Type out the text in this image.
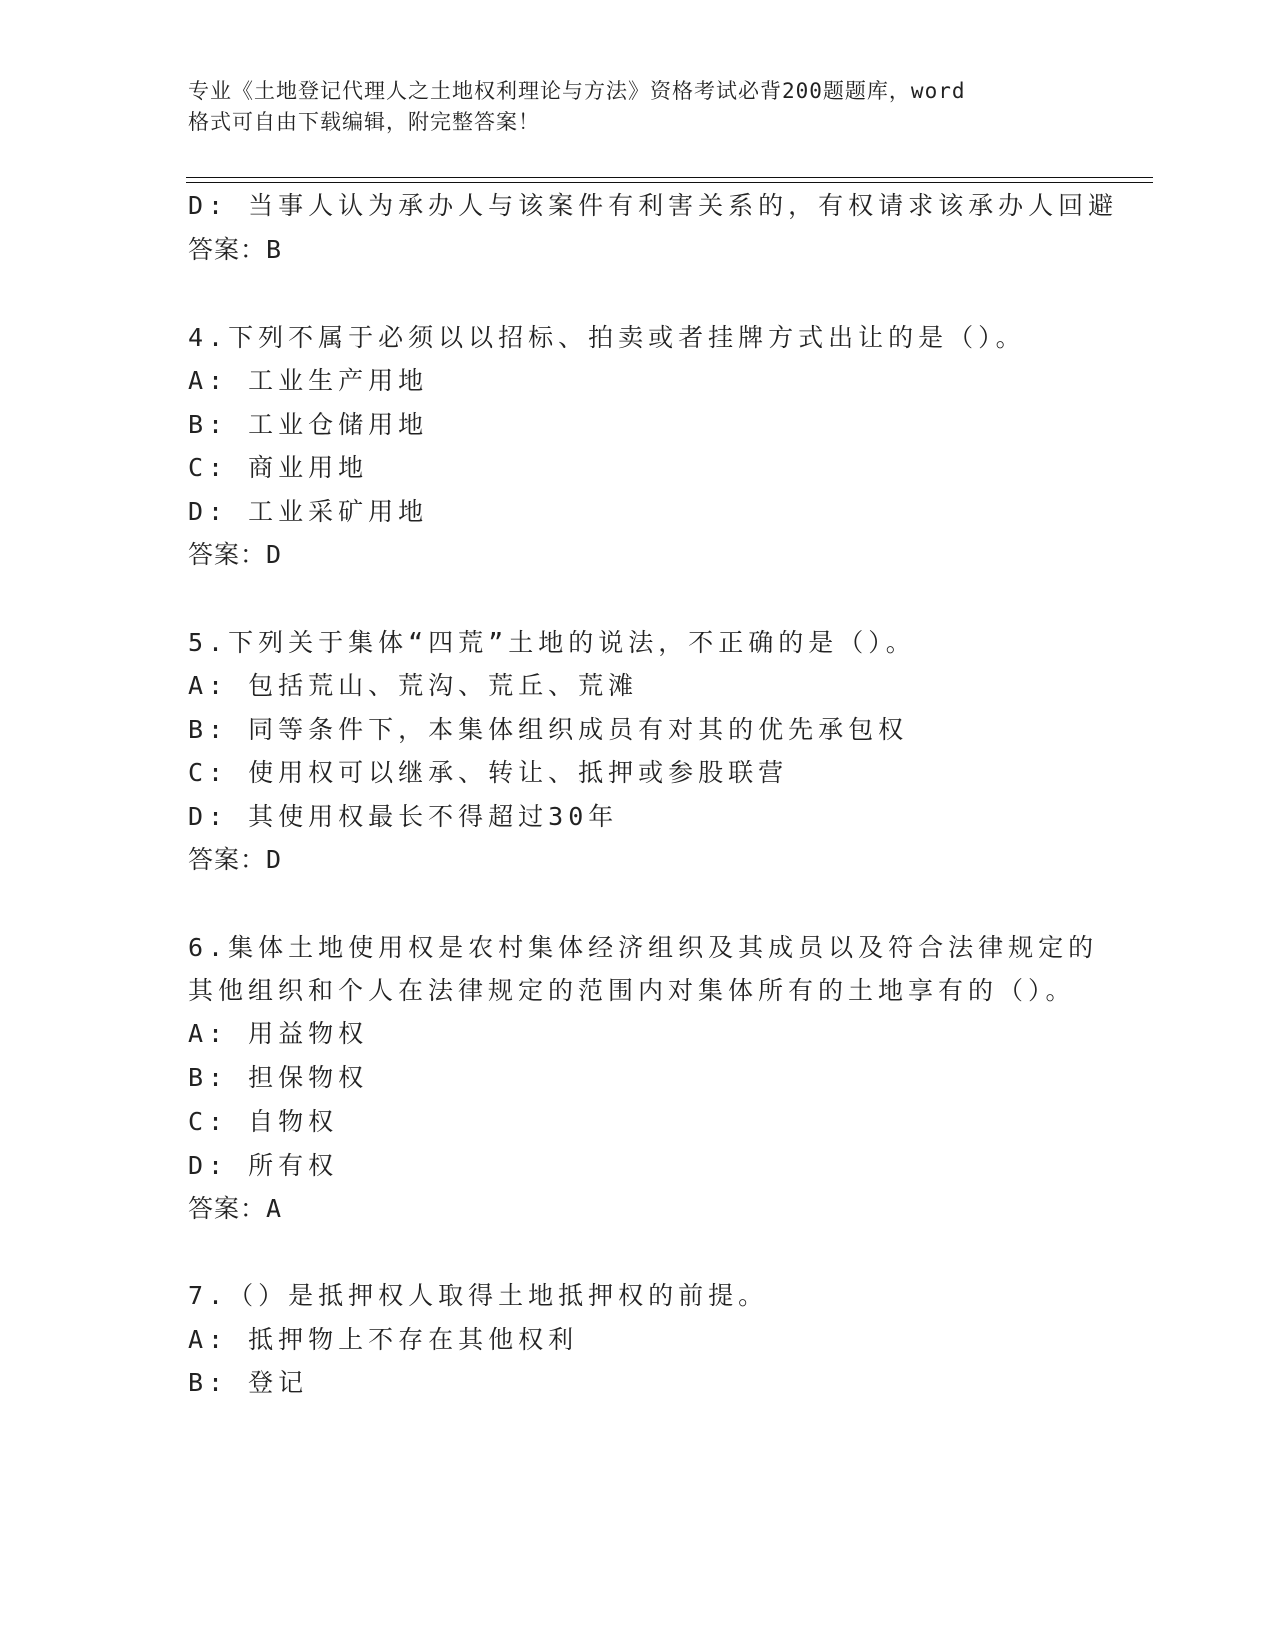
专业《土地登记代理人之土地权利理论与方法》资格考试必背200题题库，word

格式可自由下载编辑，附完整答案！

D: 当事人认为承办人与该案件有利害关系的，有权请求该承办人回避
答案：B
4.下列不属于必须以以招标、拍卖或者挂牌方式出让的是（）。
A: 工业生产用地
B: 工业仓储用地
C: 商业用地
D: 工业采矿用地
答案：D
5.下列关于集体“四荒”土地的说法，不正确的是（）。
A: 包括荒山、荒沟、荒丘、荒滩
B: 同等条件下，本集体组织成员有对其的优先承包权
C: 使用权可以继承、转让、抵押或参股联营
D: 其使用权最长不得超过30年
答案：D
6.集体土地使用权是农村集体经济组织及其成员以及符合法律规定的
其他组织和个人在法律规定的范围内对集体所有的土地享有的（）。
A: 用益物权
B: 担保物权
C: 自物权
D: 所有权
答案：A
7.（）是抵押权人取得土地抵押权的前提。
A: 抵押物上不存在其他权利
B: 登记
